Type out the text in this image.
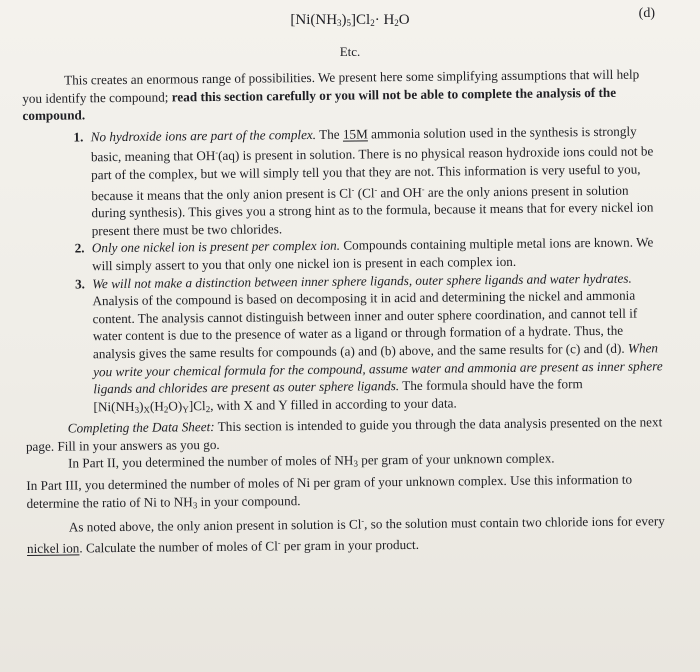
$[Ni(NH_3)_5]Cl_2\cdot H_2O$	(d)
Etc.

This creates an enormous range of possibilities. We present here some simplifying assumptions that will help you identify the compound; read this section carefully or you will not be able to complete the analysis of the compound.

1. No hydroxide ions are part of the complex. The 15M ammonia solution used in the synthesis is strongly basic, meaning that OH-(aq) is present in solution. There is no physical reason hydroxide ions could not be part of the complex, but we will simply tell you that they are not. This information is very useful to you, because it means that the only anion present is Cl- (Cl- and OH- are the only anions present in solution during synthesis). This gives you a strong hint as to the formula, because it means that for every nickel ion present there must be two chlorides.
2. Only one nickel ion is present per complex ion. Compounds containing multiple metal ions are known. We will simply assert to you that only one nickel ion is present in each complex ion.
3. We will not make a distinction between inner sphere ligands, outer sphere ligands and water hydrates. Analysis of the compound is based on decomposing it in acid and determining the nickel and ammonia content. The analysis cannot distinguish between inner and outer sphere coordination, and cannot tell if water content is due to the presence of water as a ligand or through formation of a hydrate. Thus, the analysis gives the same results for compounds (a) and (b) above, and the same results for (c) and (d). When you write your chemical formula for the compound, assume water and ammonia are present as inner sphere ligands and chlorides are present as outer sphere ligands. The formula should have the form $[Ni(NH_3)_X(H_2O)_Y]Cl_2$, with X and Y filled in according to your data.

Completing the Data Sheet: This section is intended to guide you through the data analysis presented on the next page. Fill in your answers as you go.

In Part II, you determined the number of moles of $NH_3$ per gram of your unknown complex.

In Part III, you determined the number of moles of Ni per gram of your unknown complex. Use this information to determine the ratio of Ni to $NH_3$ in your compound.

As noted above, the only anion present in solution is Cl-, so the solution must contain two chloride ions for every nickel ion. Calculate the number of moles of Cl- per gram in your product.
